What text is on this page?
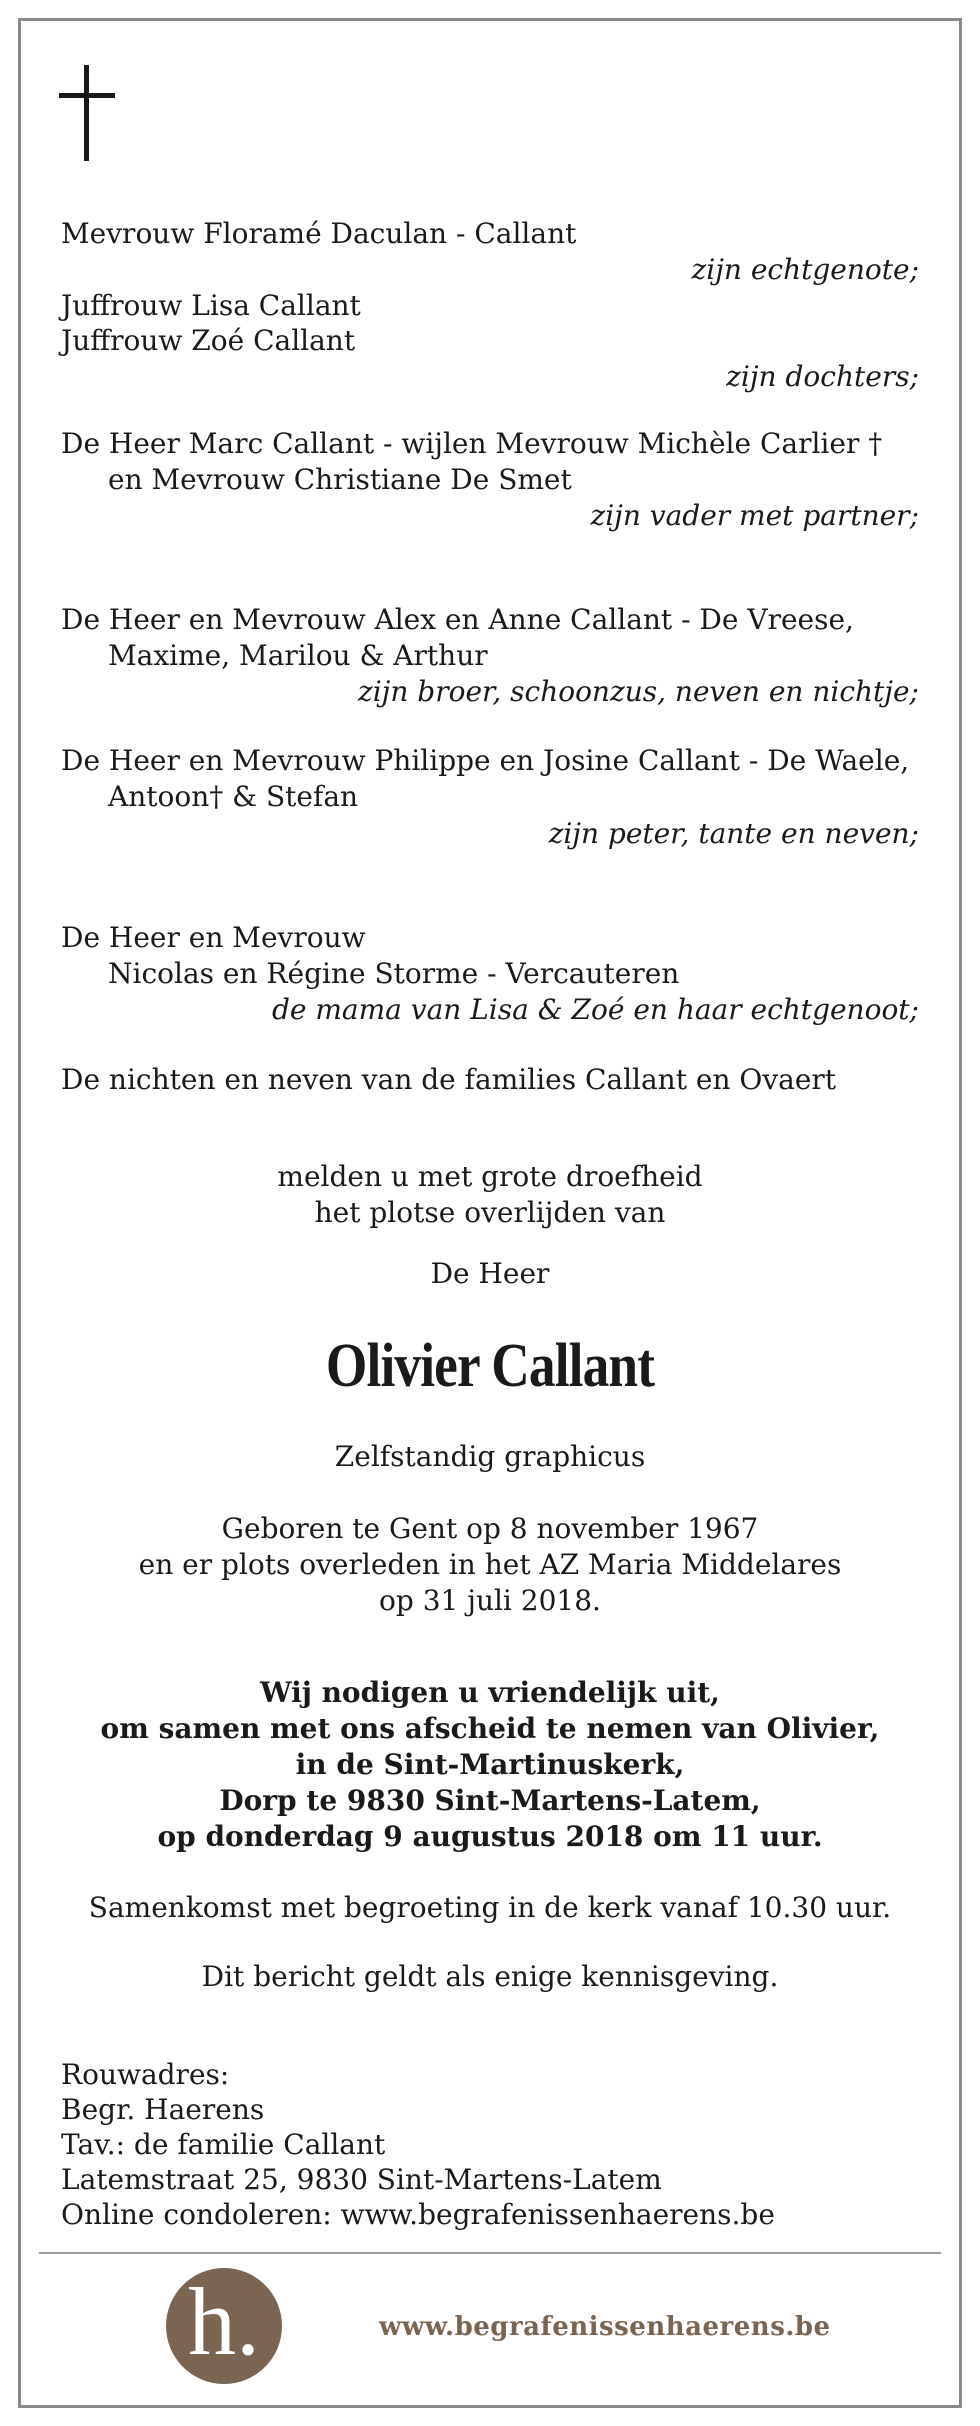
Mevrouw Floramé Daculan - Callant
zijn echtgenote;
Juffrouw Lisa Callant
Juffrouw Zoé Callant
zijn dochters;
De Heer Marc Callant - wijlen Mevrouw Michèle Carlier †
en Mevrouw Christiane De Smet
zijn vader met partner;
De Heer en Mevrouw Alex en Anne Callant - De Vreese,
Maxime, Marilou & Arthur
zijn broer, schoonzus, neven en nichtje;
De Heer en Mevrouw Philippe en Josine Callant - De Waele,
Antoon† & Stefan
zijn peter, tante en neven;
De Heer en Mevrouw
Nicolas en Régine Storme - Vercauteren
de mama van Lisa & Zoé en haar echtgenoot;
De nichten en neven van de families Callant en Ovaert
melden u met grote droefheid
het plotse overlijden van
De Heer
Olivier Callant
Zelfstandig graphicus
Geboren te Gent op 8 november 1967
en er plots overleden in het AZ Maria Middelares
op 31 juli 2018.
Wij nodigen u vriendelijk uit,
om samen met ons afscheid te nemen van Olivier,
in de Sint-Martinuskerk,
Dorp te 9830 Sint-Martens-Latem,
op donderdag 9 augustus 2018 om 11 uur.
Samenkomst met begroeting in de kerk vanaf 10.30 uur.
Dit bericht geldt als enige kennisgeving.
Rouwadres:
Begr. Haerens
Tav.: de familie Callant
Latemstraat 25, 9830 Sint-Martens-Latem
Online condoleren: www.begrafenissenhaerens.be
h.	www.begrafenissenhaerens.be
